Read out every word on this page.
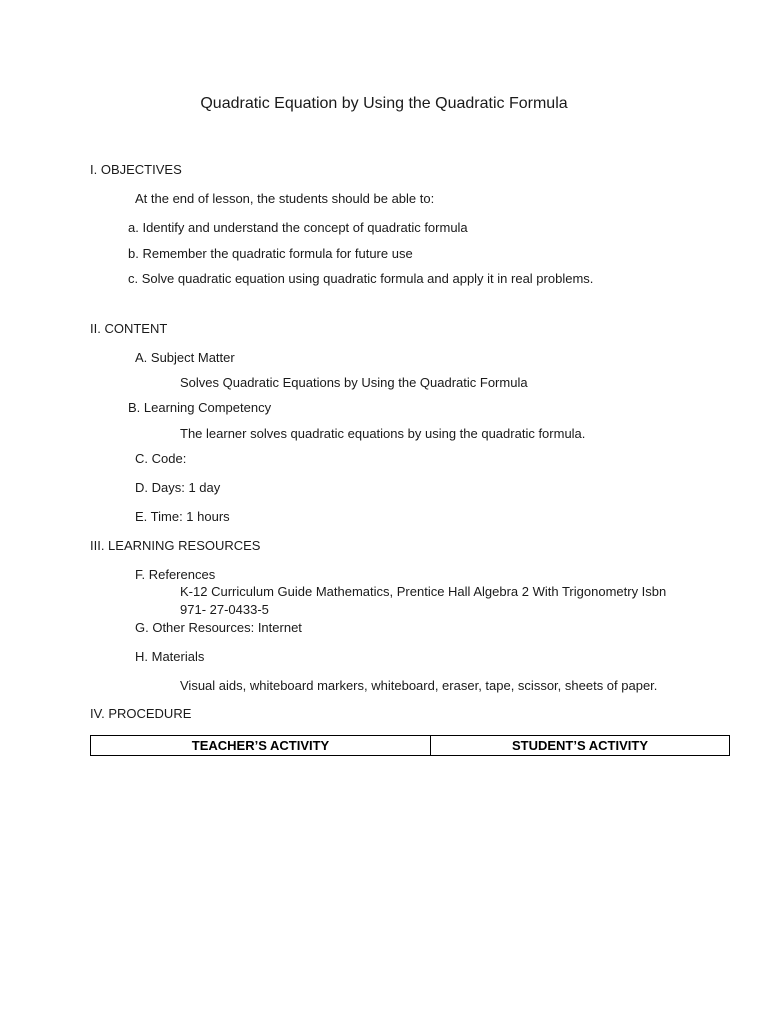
Quadratic Equation by Using the Quadratic Formula
I. OBJECTIVES
At the end of lesson, the students should be able to:
a. Identify and understand the concept of quadratic formula
b. Remember the quadratic formula for future use
c. Solve quadratic equation using quadratic formula and apply it in real problems.
II. CONTENT
A. Subject Matter
Solves Quadratic Equations by Using the Quadratic Formula
B. Learning Competency
The learner solves quadratic equations by using the quadratic formula.
C. Code:
D. Days: 1 day
E. Time: 1 hours
III. LEARNING RESOURCES
F. References
K-12 Curriculum Guide Mathematics, Prentice Hall Algebra 2 With Trigonometry Isbn
971- 27-0433-5
G. Other Resources: Internet
H. Materials
Visual aids, whiteboard markers, whiteboard, eraser, tape, scissor, sheets of paper.
IV. PROCEDURE
TEACHER’S ACTIVITY	STUDENT’S ACTIVITY
